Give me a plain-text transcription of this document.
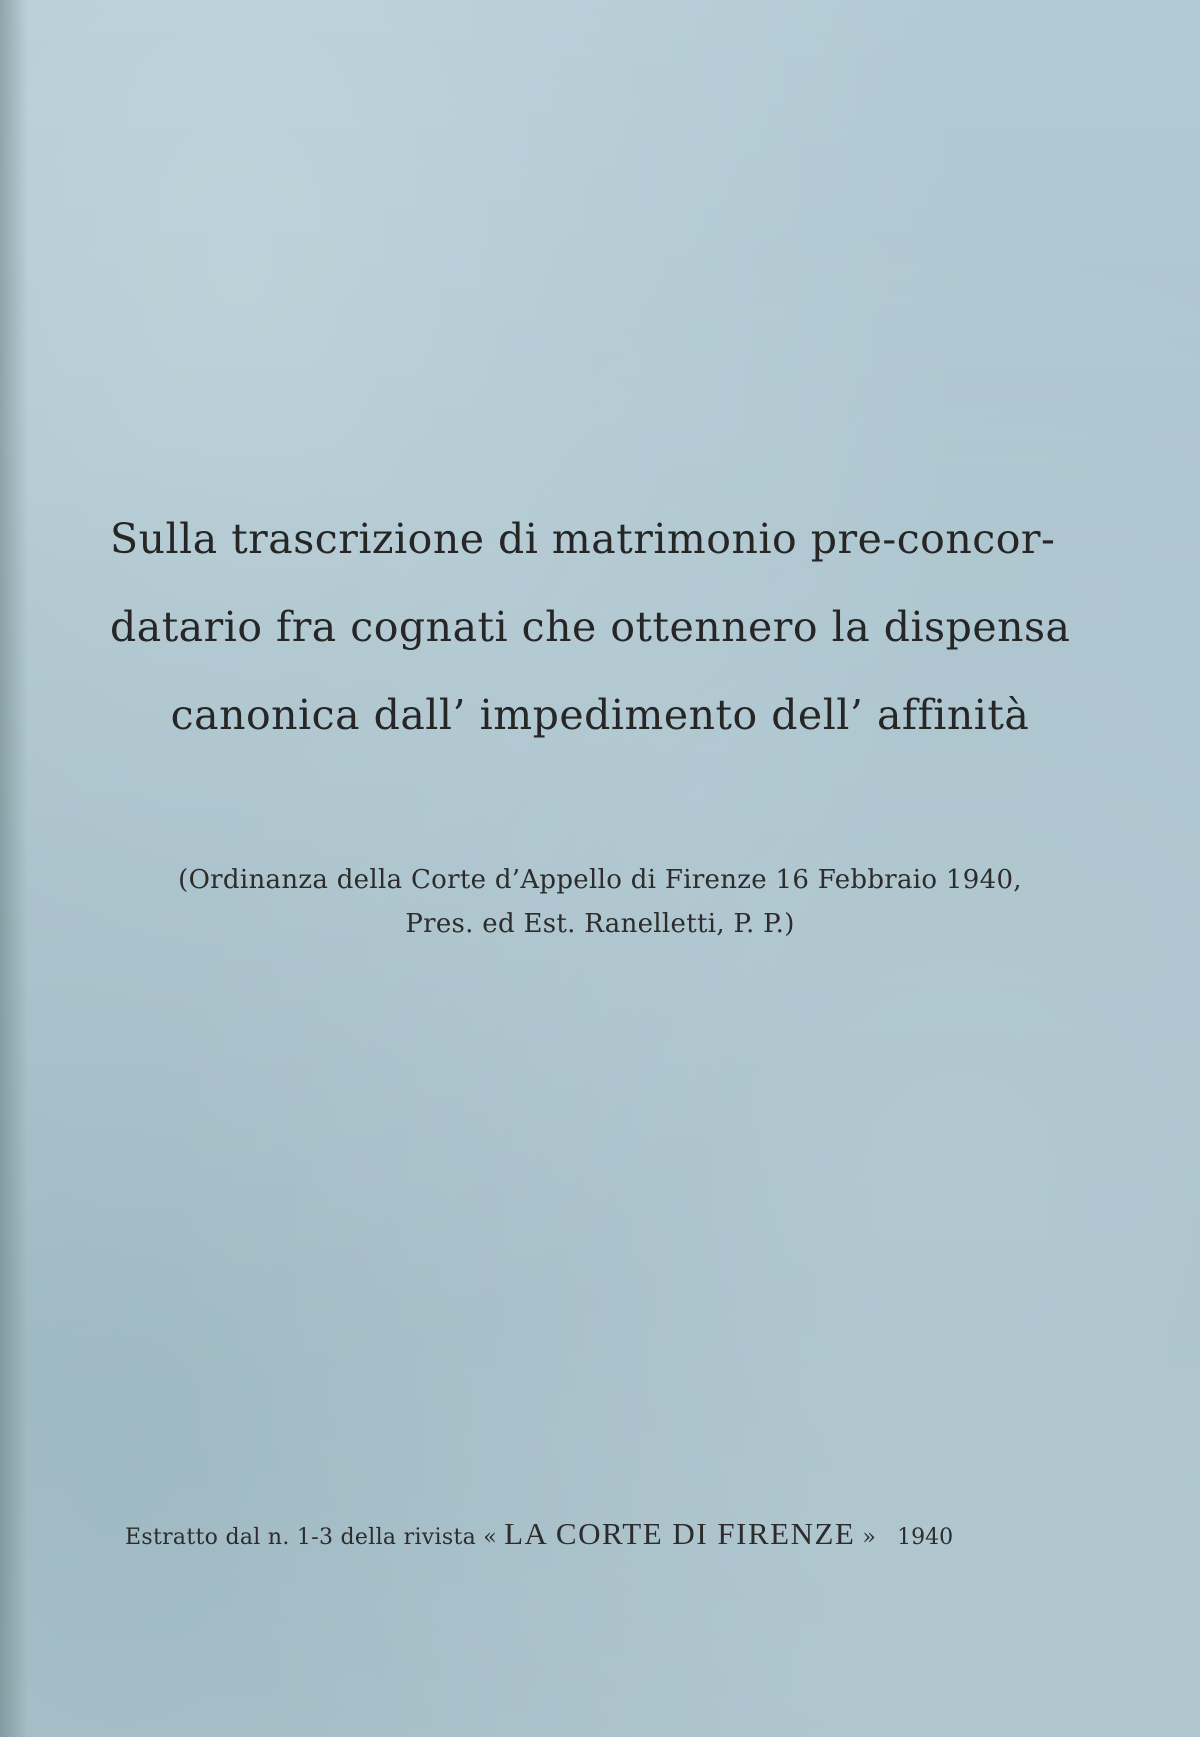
Sulla trascrizione di matrimonio pre-concor-
datario fra cognati che ottennero la dispensa
canonica dall’ impedimento dell’ affinità
(Ordinanza della Corte d’Appello di Firenze 16 Febbraio 1940,
Pres. ed Est. Ranelletti, P. P.)
Estratto dal n. 1-3 della rivista « LA CORTE DI FIRENZE » 1940
